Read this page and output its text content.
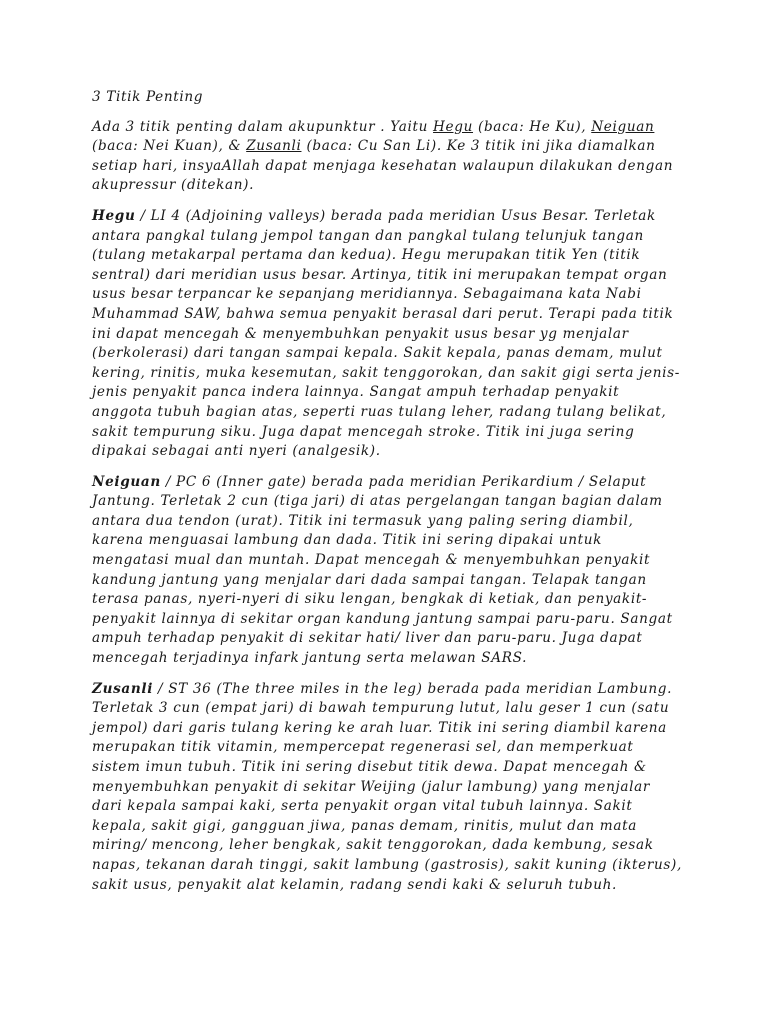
3 Titik Penting

Ada 3 titik penting dalam akupunktur . Yaitu Hegu (baca: He Ku), Neiguan (baca: Nei Kuan), & Zusanli (baca: Cu San Li). Ke 3 titik ini jika diamalkan setiap hari, insyaAllah dapat menjaga kesehatan walaupun dilakukan dengan akupressur (ditekan).

Hegu / LI 4 (Adjoining valleys) berada pada meridian Usus Besar. Terletak antara pangkal tulang jempol tangan dan pangkal tulang telunjuk tangan (tulang metakarpal pertama dan kedua). Hegu merupakan titik Yen (titik sentral) dari meridian usus besar. Artinya, titik ini merupakan tempat organ usus besar terpancar ke sepanjang meridiannya. Sebagaimana kata Nabi Muhammad SAW, bahwa semua penyakit berasal dari perut. Terapi pada titik ini dapat mencegah & menyembuhkan penyakit usus besar yg menjalar (berkolerasi) dari tangan sampai kepala. Sakit kepala, panas demam, mulut kering, rinitis, muka kesemutan, sakit tenggorokan, dan sakit gigi serta jenis-jenis penyakit panca indera lainnya. Sangat ampuh terhadap penyakit anggota tubuh bagian atas, seperti ruas tulang leher, radang tulang belikat, sakit tempurung siku. Juga dapat mencegah stroke. Titik ini juga sering dipakai sebagai anti nyeri (analgesik).

Neiguan / PC 6 (Inner gate) berada pada meridian Perikardium / Selaput Jantung. Terletak 2 cun (tiga jari) di atas pergelangan tangan bagian dalam antara dua tendon (urat). Titik ini termasuk yang paling sering diambil, karena menguasai lambung dan dada. Titik ini sering dipakai untuk mengatasi mual dan muntah. Dapat mencegah & menyembuhkan penyakit kandung jantung yang menjalar dari dada sampai tangan. Telapak tangan terasa panas, nyeri-nyeri di siku lengan, bengkak di ketiak, dan penyakit-penyakit lainnya di sekitar organ kandung jantung sampai paru-paru. Sangat ampuh terhadap penyakit di sekitar hati/ liver dan paru-paru. Juga dapat mencegah terjadinya infark jantung serta melawan SARS.

Zusanli / ST 36 (The three miles in the leg) berada pada meridian Lambung. Terletak 3 cun (empat jari) di bawah tempurung lutut, lalu geser 1 cun (satu jempol) dari garis tulang kering ke arah luar. Titik ini sering diambil karena merupakan titik vitamin, mempercepat regenerasi sel, dan memperkuat sistem imun tubuh. Titik ini sering disebut titik dewa. Dapat mencegah & menyembuhkan penyakit di sekitar Weijing (jalur lambung) yang menjalar dari kepala sampai kaki, serta penyakit organ vital tubuh lainnya. Sakit kepala, sakit gigi, gangguan jiwa, panas demam, rinitis, mulut dan mata miring/ mencong, leher bengkak, sakit tenggorokan, dada kembung, sesak napas, tekanan darah tinggi, sakit lambung (gastrosis), sakit kuning (ikterus), sakit usus, penyakit alat kelamin, radang sendi kaki & seluruh tubuh.
